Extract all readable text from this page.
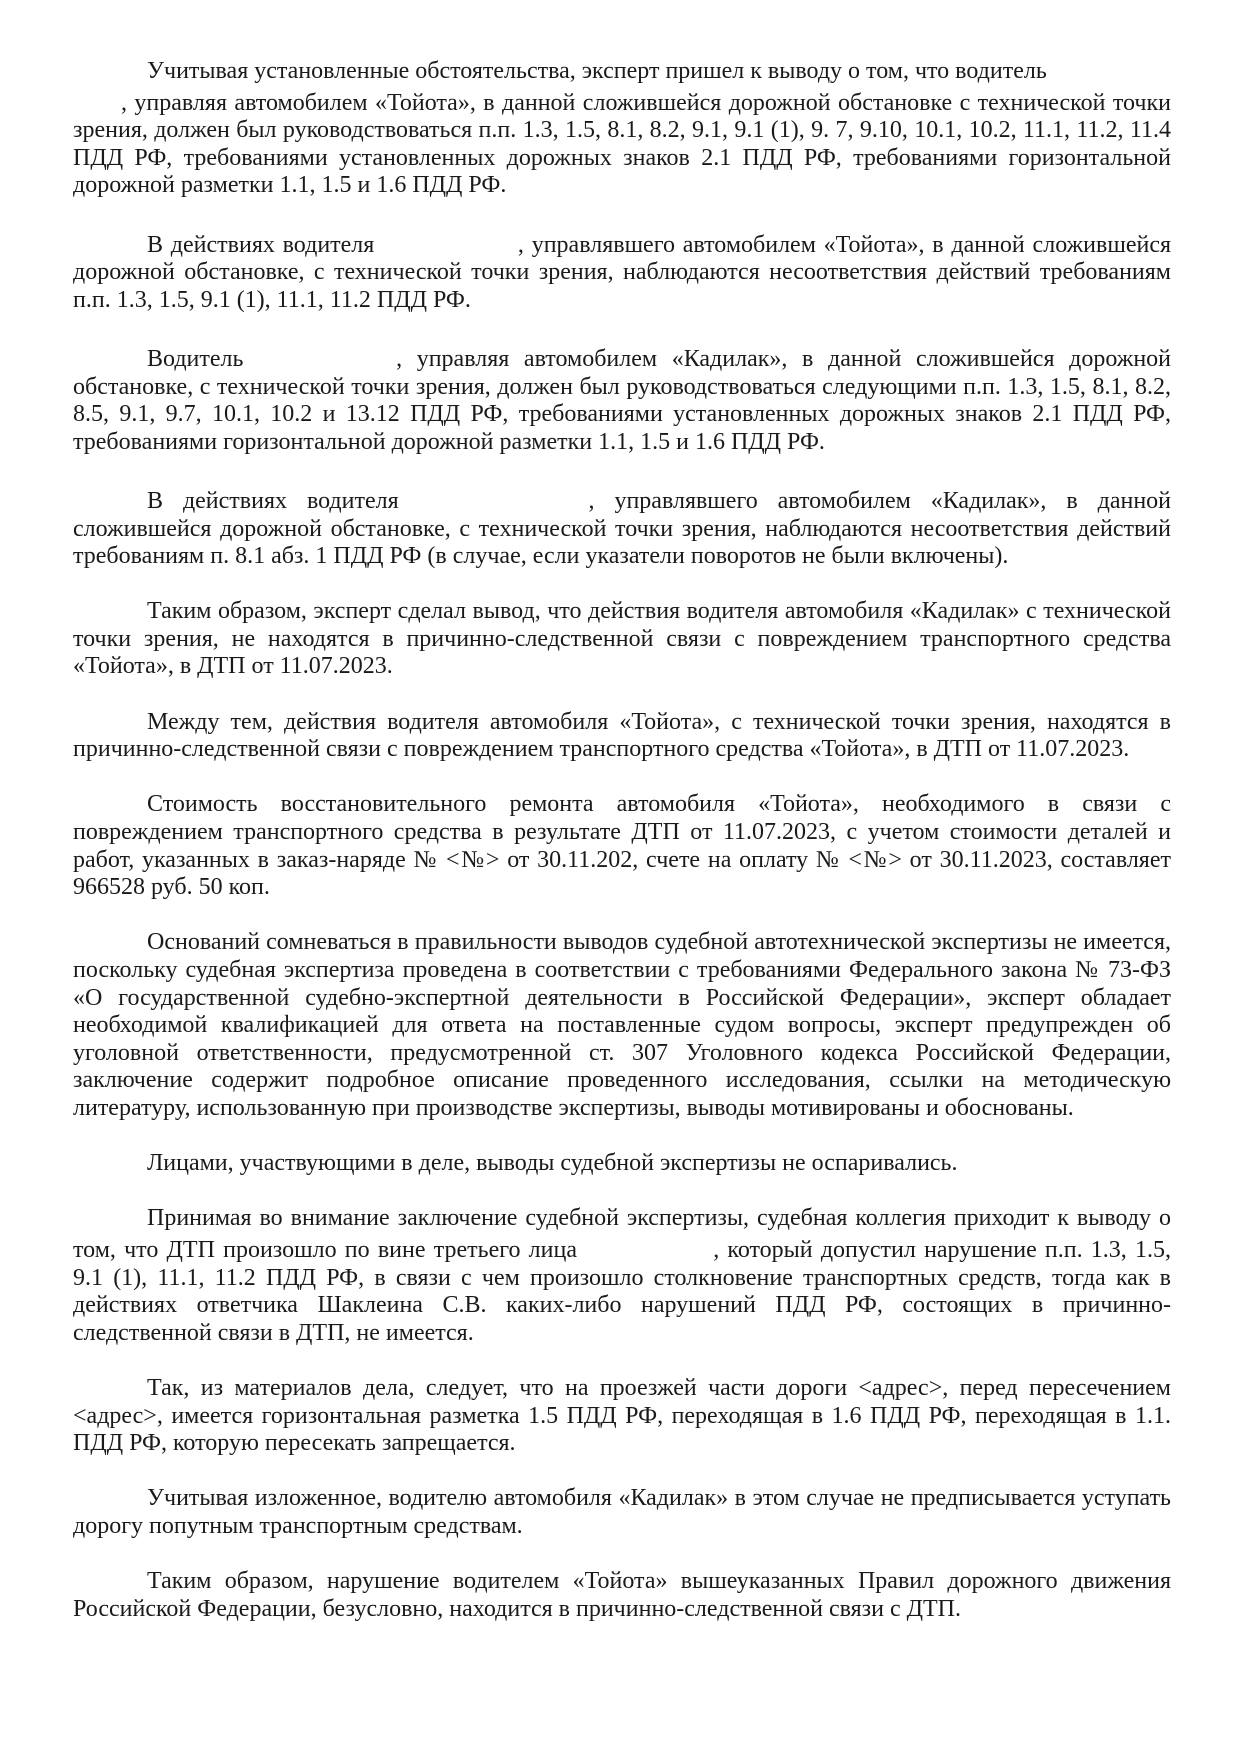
Учитывая установленные обстоятельства, эксперт пришел к выводу о том, что водитель
, управляя автомобилем «Тойота», в данной сложившейся дорожной обстановке с технической точки зрения, должен был руководствоваться п.п. 1.3, 1.5, 8.1, 8.2, 9.1, 9.1 (1), 9. 7, 9.10, 10.1, 10.2, 11.1, 11.2, 11.4 ПДД РФ, требованиями установленных дорожных знаков 2.1 ПДД РФ, требованиями горизонтальной дорожной разметки 1.1, 1.5 и 1.6 ПДД РФ.

В действиях водителя	, управлявшего автомобилем «Тойота», в данной сложившейся дорожной обстановке, с технической точки зрения, наблюдаются несоответствия действий требованиям п.п. 1.3, 1.5, 9.1 (1), 11.1, 11.2 ПДД РФ.

Водитель	, управляя автомобилем «Кадилак», в данной сложившейся дорожной обстановке, с технической точки зрения, должен был руководствоваться следующими п.п. 1.3, 1.5, 8.1, 8.2, 8.5, 9.1, 9.7, 10.1, 10.2 и 13.12 ПДД РФ, требованиями установленных дорожных знаков 2.1 ПДД РФ, требованиями горизонтальной дорожной разметки 1.1, 1.5 и 1.6 ПДД РФ.

В действиях водителя	, управлявшего автомобилем «Кадилак», в данной сложившейся дорожной обстановке, с технической точки зрения, наблюдаются несоответствия действий требованиям п. 8.1 абз. 1 ПДД РФ (в случае, если указатели поворотов не были включены).

Таким образом, эксперт сделал вывод, что действия водителя автомобиля «Кадилак» с технической точки зрения, не находятся в причинно-следственной связи с повреждением транспортного средства «Тойота», в ДТП от 11.07.2023.

Между тем, действия водителя автомобиля «Тойота», с технической точки зрения, находятся в причинно-следственной связи с повреждением транспортного средства «Тойота», в ДТП от 11.07.2023.

Стоимость восстановительного ремонта автомобиля «Тойота», необходимого в связи с повреждением транспортного средства в результате ДТП от 11.07.2023, с учетом стоимости деталей и работ, указанных в заказ-наряде № <№> от 30.11.202, счете на оплату № <№> от 30.11.2023, составляет 966528 руб. 50 коп.

Оснований сомневаться в правильности выводов судебной автотехнической экспертизы не имеется, поскольку судебная экспертиза проведена в соответствии с требованиями Федерального закона № 73-ФЗ «О государственной судебно-экспертной деятельности в Российской Федерации», эксперт обладает необходимой квалификацией для ответа на поставленные судом вопросы, эксперт предупрежден об уголовной ответственности, предусмотренной ст. 307 Уголовного кодекса Российской Федерации, заключение содержит подробное описание проведенного исследования, ссылки на методическую литературу, использованную при производстве экспертизы, выводы мотивированы и обоснованы.

Лицами, участвующими в деле, выводы судебной экспертизы не оспаривались.

Принимая во внимание заключение судебной экспертизы, судебная коллегия приходит к выводу о том, что ДТП произошло по вине третьего лица	, который допустил нарушение п.п. 1.3, 1.5, 9.1 (1), 11.1, 11.2 ПДД РФ, в связи с чем произошло столкновение транспортных средств, тогда как в действиях ответчика Шаклеина С.В. каких-либо нарушений ПДД РФ, состоящих в причинно-следственной связи в ДТП, не имеется.

Так, из материалов дела, следует, что на проезжей части дороги <адрес>, перед пересечением <адрес>, имеется горизонтальная разметка 1.5 ПДД РФ, переходящая в 1.6 ПДД РФ, переходящая в 1.1. ПДД РФ, которую пересекать запрещается.

Учитывая изложенное, водителю автомобиля «Кадилак» в этом случае не предписывается уступать дорогу попутным транспортным средствам.

Таким образом, нарушение водителем «Тойота» вышеуказанных Правил дорожного движения Российской Федерации, безусловно, находится в причинно-следственной связи с ДТП.
